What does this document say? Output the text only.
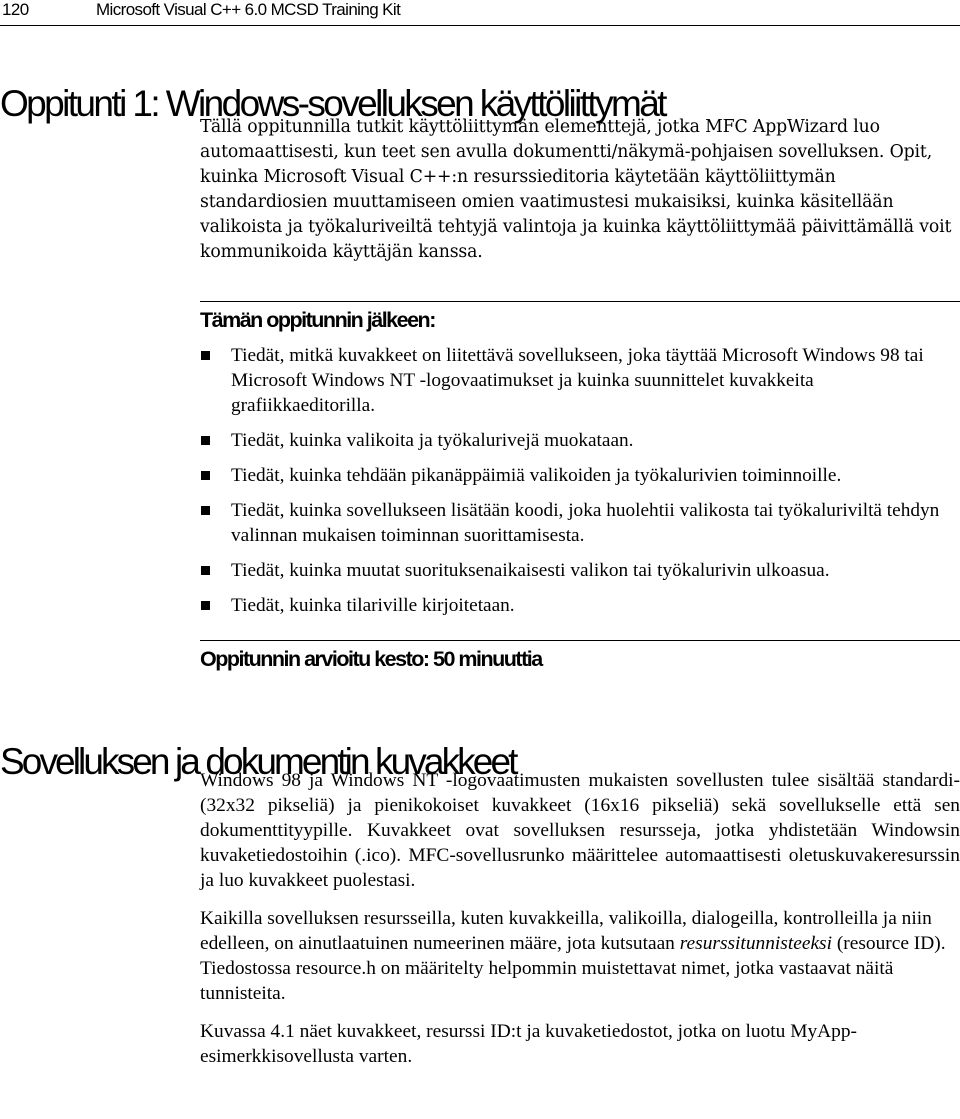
120	Microsoft Visual C++ 6.0 MCSD Training Kit
Oppitunti 1: Windows-sovelluksen käyttöliittymät
Tällä oppitunnilla tutkit käyttöliittymän elementtejä, jotka MFC AppWizard luo automaattisesti, kun teet sen avulla dokumentti/näkymä-pohjaisen sovelluksen. Opit, kuinka Microsoft Visual C++:n resurssieditoria käytetään käyttöliittymän standardiosien muuttamiseen omien vaatimustesi mukaisiksi, kuinka käsitellään valikoista ja työkaluriveiltä tehtyjä valintoja ja kuinka käyttöliittymää päivittämällä voit kommunikoida käyttäjän kanssa.
Tämän oppitunnin jälkeen:
Tiedät, mitkä kuvakkeet on liitettävä sovellukseen, joka täyttää Microsoft Windows 98 tai Microsoft Windows NT -logovaatimukset ja kuinka suunnittelet kuvakkeita grafiikkaeditorilla.
Tiedät, kuinka valikoita ja työkalurivejä muokataan.
Tiedät, kuinka tehdään pikanäppäimiä valikoiden ja työkalurivien toiminnoille.
Tiedät, kuinka sovellukseen lisätään koodi, joka huolehtii valikosta tai työkaluriviltä tehdyn valinnan mukaisen toiminnan suorittamisesta.
Tiedät, kuinka muutat suorituksenaikaisesti valikon tai työkalurivin ulkoasua.
Tiedät, kuinka tilariville kirjoitetaan.
Oppitunnin arvioitu kesto: 50 minuuttia
Sovelluksen ja dokumentin kuvakkeet

Windows 98 ja Windows NT -logovaatimusten mukaisten sovellusten tulee sisältää standardi- (32x32 pikseliä) ja pienikokoiset kuvakkeet (16x16 pikseliä) sekä sovellukselle että sen dokumenttityypille. Kuvakkeet ovat sovelluksen resursseja, jotka yhdistetään Windowsin kuvaketiedostoihin (.ico). MFC-sovellusrunko määrittelee automaattisesti oletuskuvakeresurssin ja luo kuvakkeet puolestasi.

Kaikilla sovelluksen resursseilla, kuten kuvakkeilla, valikoilla, dialogeilla, kontrolleilla ja niin edelleen, on ainutlaatuinen numeerinen määre, jota kutsutaan resurssitunnisteeksi (resource ID). Tiedostossa resource.h on määritelty helpommin muistettavat nimet, jotka vastaavat näitä tunnisteita.

Kuvassa 4.1 näet kuvakkeet, resurssi ID:t ja kuvaketiedostot, jotka on luotu MyApp-esimerkkisovellusta varten.
